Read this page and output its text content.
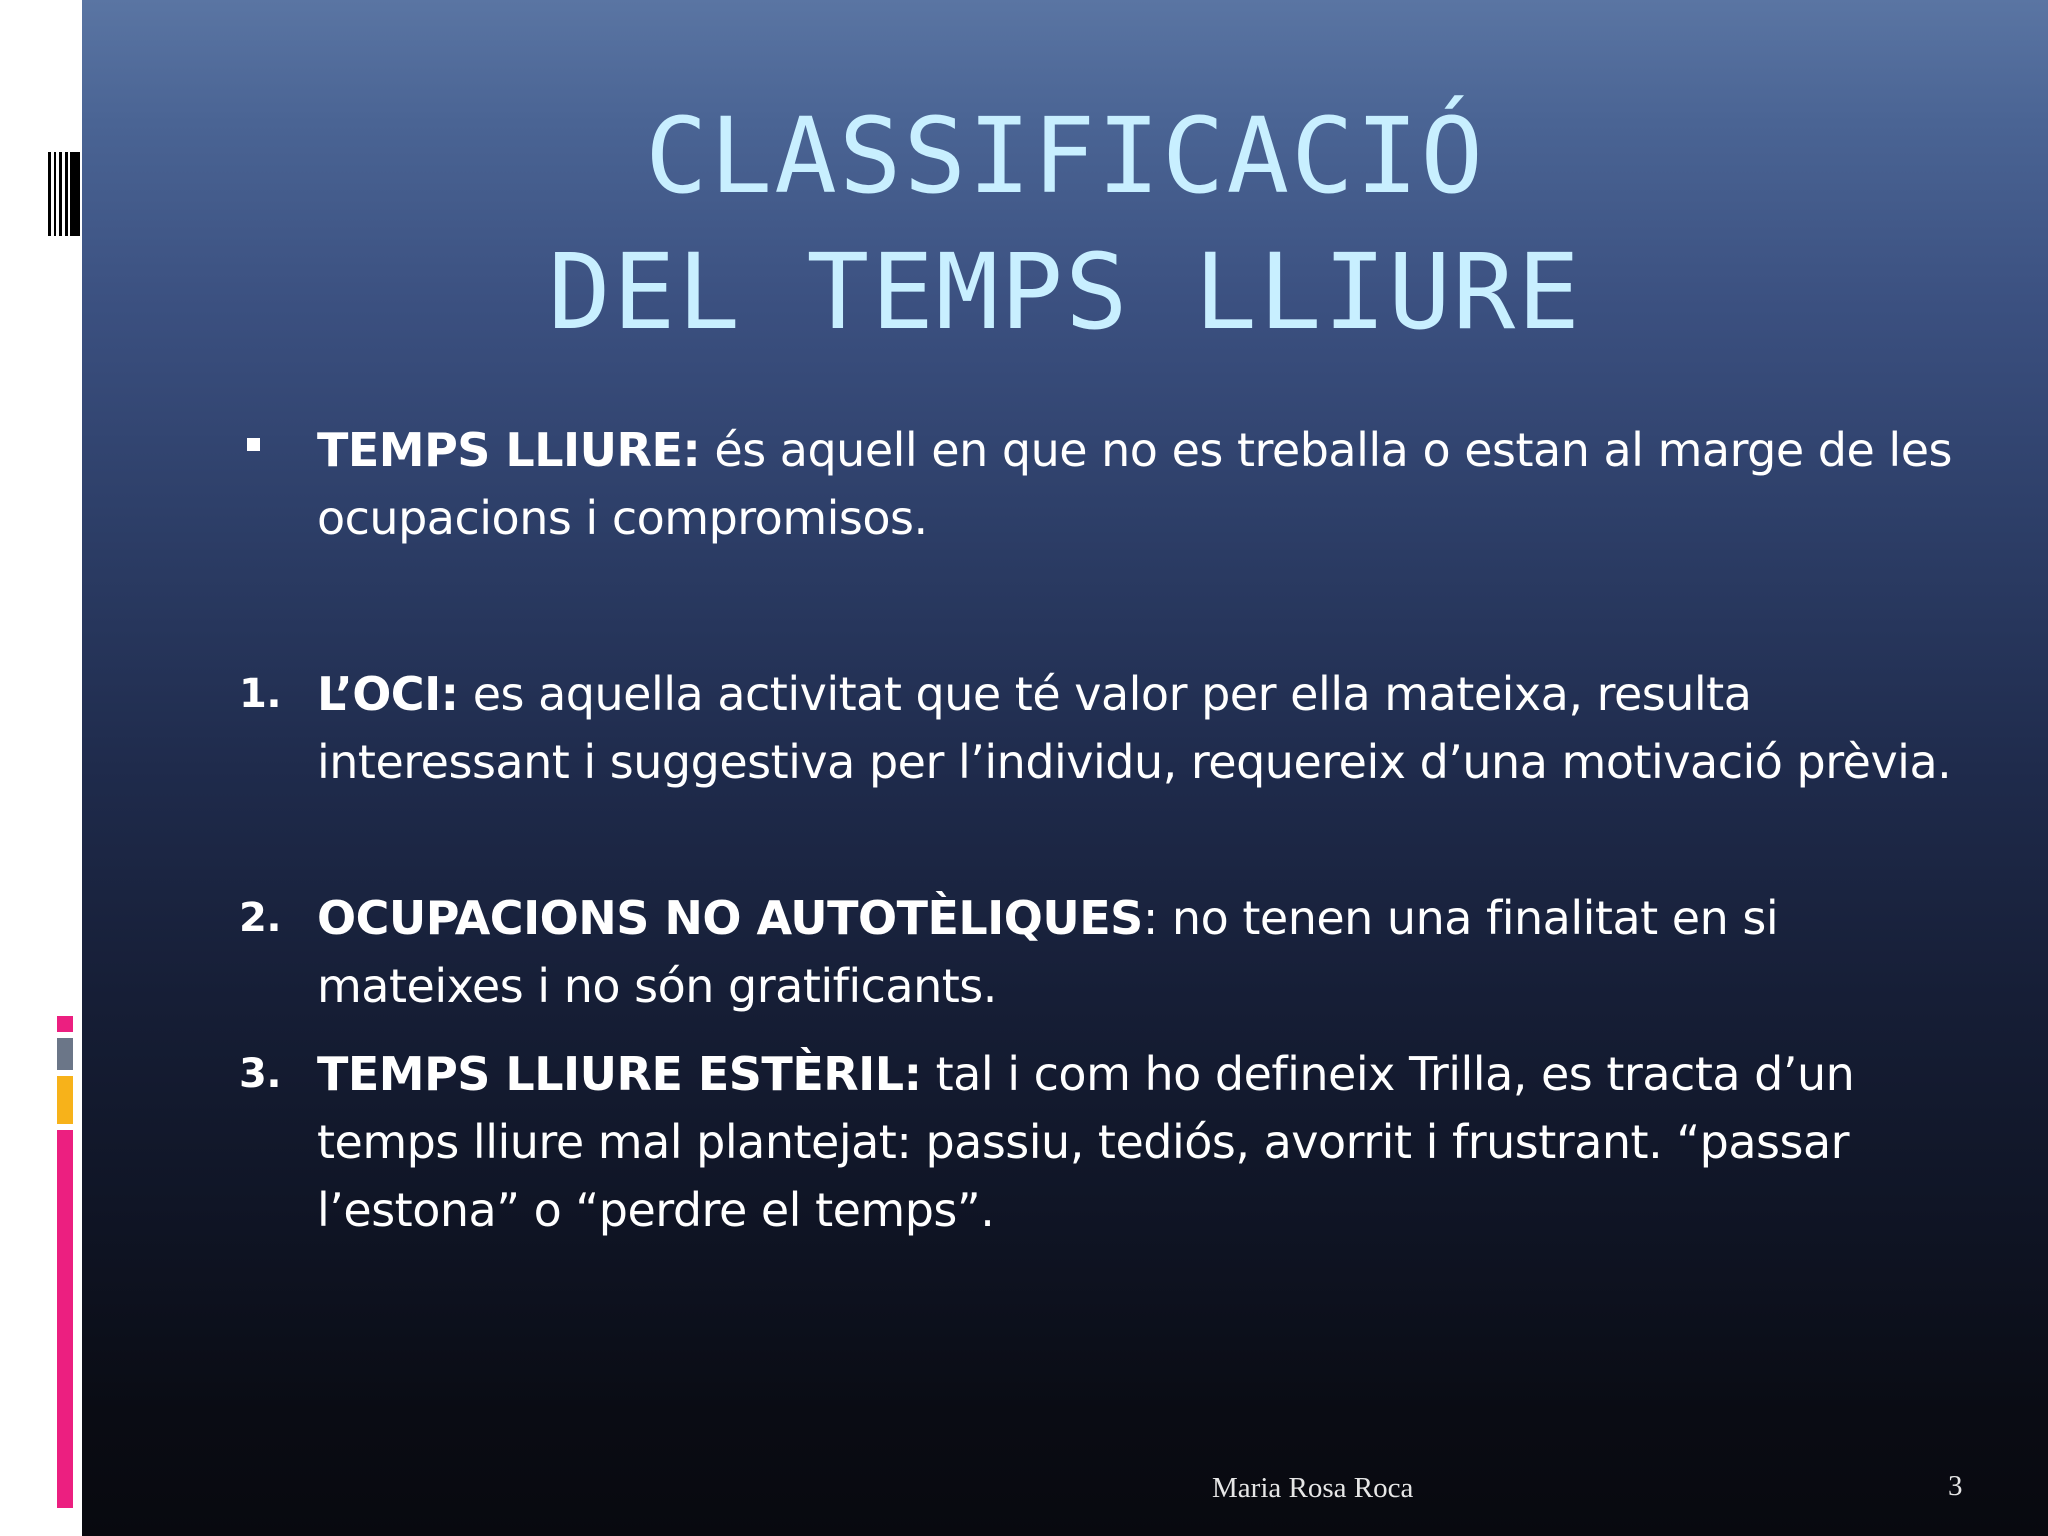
CLASSIFICACIÓ
DEL TEMPS LLIURE
TEMPS LLIURE: és aquell en que no es treballa o estan al marge de les ocupacions i compromisos.
1. L’OCI: es aquella activitat que té valor per ella mateixa, resulta interessant i suggestiva per l’individu, requereix d’una motivació prèvia.
2. OCUPACIONS NO AUTOTÈLIQUES: no tenen una finalitat en si mateixes i no són gratificants.
3. TEMPS LLIURE ESTÈRIL: tal i com ho defineix Trilla, es tracta d’un temps lliure mal plantejat: passiu, tediós, avorrit i frustrant. “passar l’estona” o “perdre el temps”.
Maria Rosa Roca	3
